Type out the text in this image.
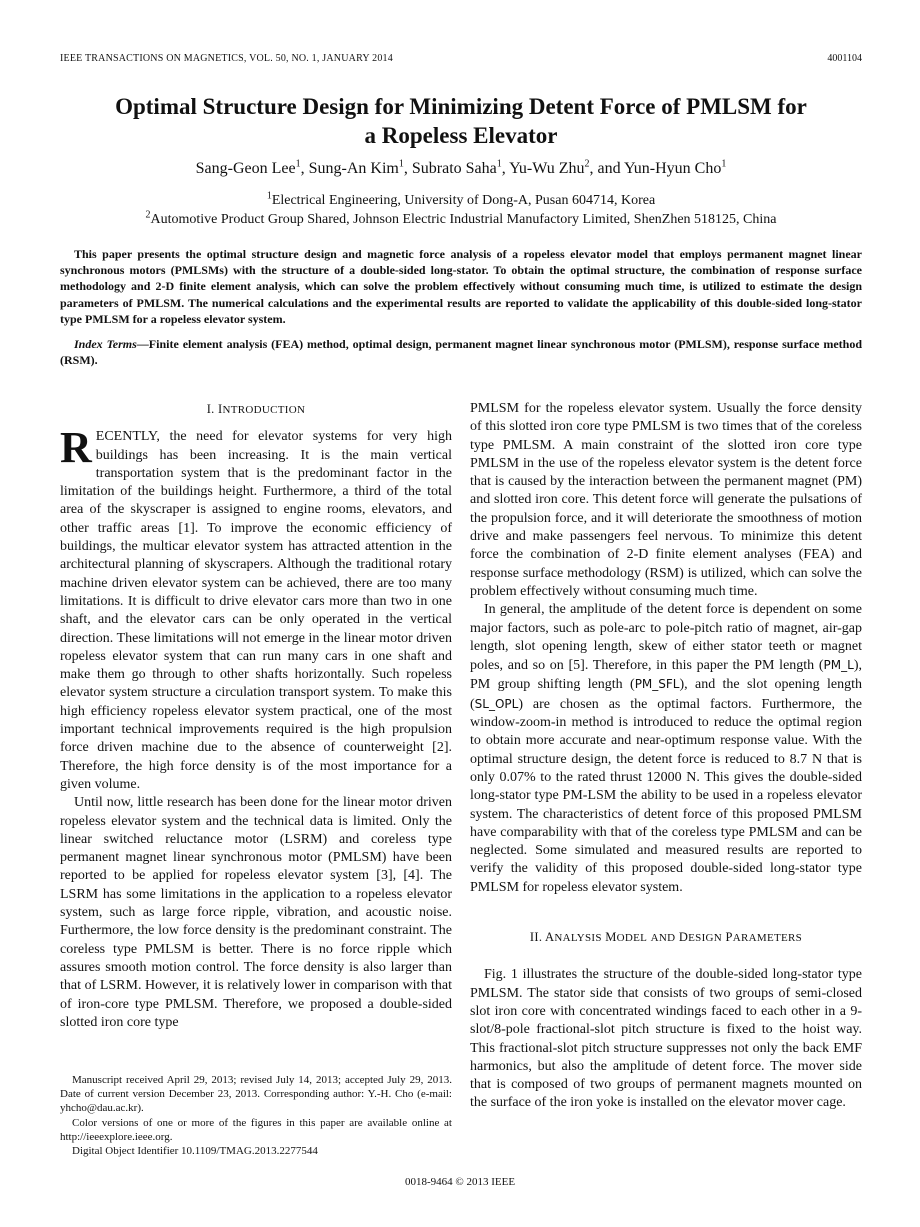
IEEE TRANSACTIONS ON MAGNETICS, VOL. 50, NO. 1, JANUARY 2014	4001104
Optimal Structure Design for Minimizing Detent Force of PMLSM for
a Ropeless Elevator
Sang-Geon Lee$^1$, Sung-An Kim$^1$, Subrato Saha$^1$, Yu-Wu Zhu$^2$, and Yun-Hyun Cho$^1$
$^1$Electrical Engineering, University of Dong-A, Pusan 604714, Korea
$^2$Automotive Product Group Shared, Johnson Electric Industrial Manufactory Limited, ShenZhen 518125, China
This paper presents the optimal structure design and magnetic force analysis of a ropeless elevator model that employs permanent magnet linear synchronous motors (PMLSMs) with the structure of a double-sided long-stator. To obtain the optimal structure, the combination of response surface methodology and 2-D finite element analysis, which can solve the problem effectively without consuming much time, is utilized to estimate the design parameters of PMLSM. The numerical calculations and the experimental results are reported to validate the applicability of this double-sided long-stator type PMLSM for a ropeless elevator system.
Index Terms—Finite element analysis (FEA) method, optimal design, permanent magnet linear synchronous motor (PMLSM), response surface method (RSM).
I. INTRODUCTION

RECENTLY, the need for elevator systems for very high buildings has been increasing. It is the main vertical transportation system that is the predominant factor in the limitation of the buildings height. Furthermore, a third of the total area of the skyscraper is assigned to engine rooms, elevators, and other traffic areas [1]. To improve the economic efficiency of buildings, the multicar elevator system has attracted attention in the architectural planning of skyscrapers. Although the traditional rotary machine driven elevator system can be achieved, there are too many limitations. It is difficult to drive elevator cars more than two in one shaft, and the elevator cars can be only operated in the vertical direction. These limitations will not emerge in the linear motor driven ropeless elevator system that can run many cars in one shaft and make them go through to other shafts horizontally. Such ropeless elevator system structure a circulation transport system. To make this high efficiency ropeless elevator system practical, one of the most important technical improvements required is the high propulsion force driven machine due to the absence of counterweight [2]. Therefore, the high force density is of the most importance for a given volume.

Until now, little research has been done for the linear motor driven ropeless elevator system and the technical data is limited. Only the linear switched reluctance motor (LSRM) and coreless type permanent magnet linear synchronous motor (PMLSM) have been reported to be applied for ropeless elevator system [3], [4]. The LSRM has some limitations in the application to a ropeless elevator system, such as large force ripple, vibration, and acoustic noise. Furthermore, the low force density is the predominant constraint. The coreless type PMLSM is better. There is no force ripple which assures smooth motion control. The force density is also larger than that of LSRM. However, it is relatively lower in comparison with that of iron-core type PMLSM. Therefore, we proposed a double-sided slotted iron core type

PMLSM for the ropeless elevator system. Usually the force density of this slotted iron core type PMLSM is two times that of the coreless type PMLSM. A main constraint of the slotted iron core type PMLSM in the use of the ropeless elevator system is the detent force that is caused by the interaction between the permanent magnet (PM) and slotted iron core. This detent force will generate the pulsations of the propulsion force, and it will deteriorate the smoothness of motion drive and make passengers feel nervous. To minimize this detent force the combination of 2-D finite element analyses (FEA) and response surface methodology (RSM) is utilized, which can solve the problem effectively without consuming much time.

In general, the amplitude of the detent force is dependent on some major factors, such as pole-arc to pole-pitch ratio of magnet, air-gap length, slot opening length, skew of either stator teeth or magnet poles, and so on [5]. Therefore, in this paper the PM length (PM_L), PM group shifting length (PM_SFL), and the slot opening length (SL_OPL) are chosen as the optimal factors. Furthermore, the window-zoom-in method is introduced to reduce the optimal region to obtain more accurate and near-optimum response value. With the optimal structure design, the detent force is reduced to 8.7 N that is only 0.07% to the rated thrust 12000 N. This gives the double-sided long-stator type PM-LSM the ability to be used in a ropeless elevator system. The characteristics of detent force of this proposed PMLSM have comparability with that of the coreless type PMLSM and can be neglected. Some simulated and measured results are reported to verify the validity of this proposed double-sided long-stator type PMLSM for ropeless elevator system.

II. ANALYSIS MODEL AND DESIGN PARAMETERS

Fig. 1 illustrates the structure of the double-sided long-stator type PMLSM. The stator side that consists of two groups of semi-closed slot iron core with concentrated windings faced to each other in a 9-slot/8-pole fractional-slot pitch structure is fixed to the hoist way. This fractional-slot pitch structure suppresses not only the back EMF harmonics, but also the amplitude of detent force. The mover side that is composed of two groups of permanent magnets mounted on the surface of the iron yoke is installed on the elevator mover cage.

Manuscript received April 29, 2013; revised July 14, 2013; accepted July 29, 2013. Date of current version December 23, 2013. Corresponding author: Y.-H. Cho (e-mail: yhcho@dau.ac.kr).
Color versions of one or more of the figures in this paper are available online at http://ieeexplore.ieee.org.
Digital Object Identifier 10.1109/TMAG.2013.2277544
0018-9464 © 2013 IEEE
